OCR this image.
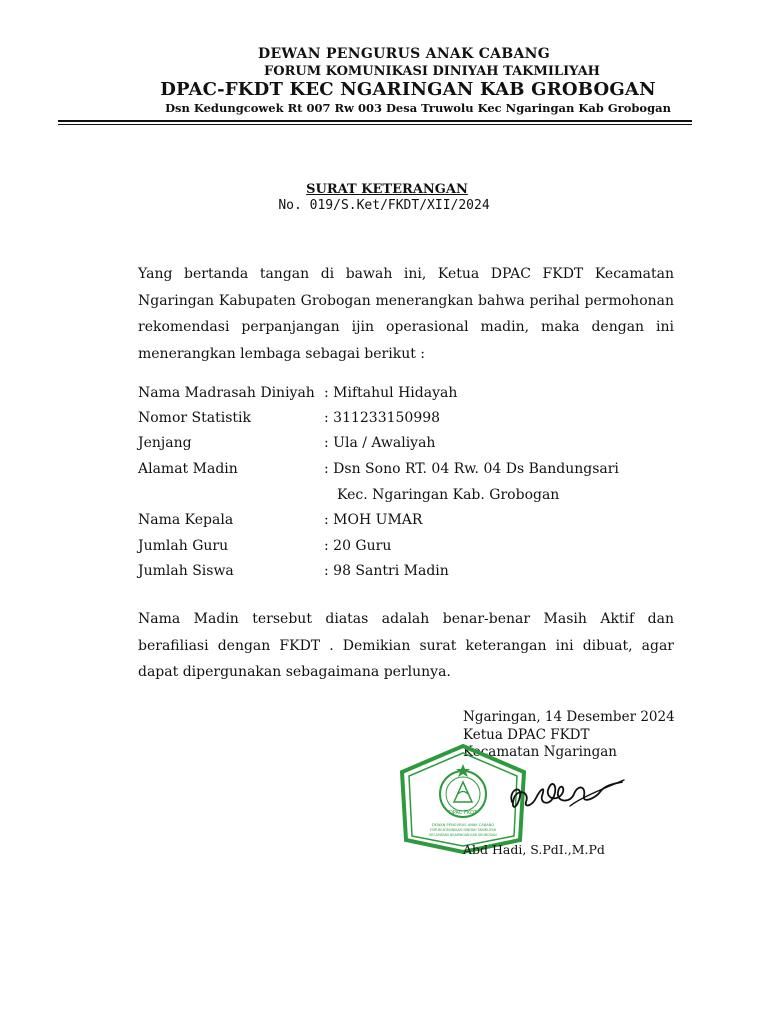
DEWAN PENGURUS ANAK CABANG
FORUM KOMUNIKASI DINIYAH TAKMILIYAH
DPAC-FKDT KEC NGARINGAN KAB GROBOGAN
Dsn Kedungcowek Rt 007 Rw 003 Desa Truwolu Kec Ngaringan Kab Grobogan
SURAT KETERANGAN
No. 019/S.Ket/FKDT/XII/2024
Yang bertanda tangan di bawah ini, Ketua DPAC FKDT Kecamatan Ngaringan Kabupaten Grobogan menerangkan bahwa perihal permohonan rekomendasi perpanjangan ijin operasional madin, maka dengan ini menerangkan lembaga sebagai berikut :
Nama Madrasah Diniyah : Miftahul Hidayah
Nomor Statistik	: 311233150998
Jenjang	: Ula / Awaliyah
Alamat Madin	: Dsn Sono RT. 04 Rw. 04 Ds Bandungsari
Kec. Ngaringan Kab. Grobogan
Nama Kepala	: MOH UMAR
Jumlah Guru	: 20 Guru
Jumlah Siswa	: 98 Santri Madin
Nama Madin tersebut diatas adalah benar-benar Masih Aktif dan berafiliasi dengan FKDT . Demikian surat keterangan ini dibuat, agar dapat dipergunakan sebagaimana perlunya.
Ngaringan, 14 Desember 2024
Ketua DPAC FKDT
Kecamatan Ngaringan
DPAC FKDT
DEWAN PENGURUS ANAK CABANG
FORUM KOMUNIKASI DINIYAH TAKMILIYAH
KECAMATAN NGARINGAN KAB GROBOGAN
Abd Hadi, S.PdI.,M.Pd
